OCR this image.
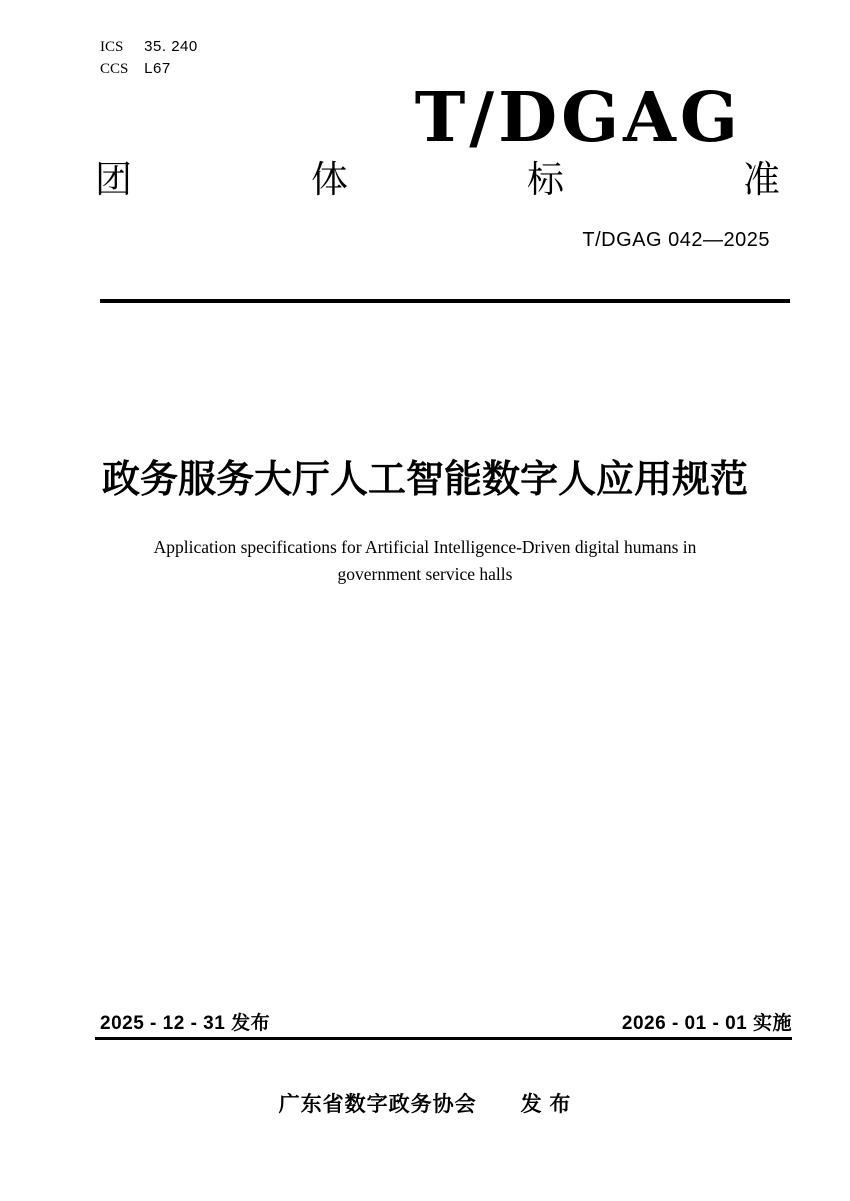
ICS 35. 240
CCS L67
T/DGAG
团	体	标	准
T/DGAG 042—2025
政务服务大厅人工智能数字人应用规范
Application specifications for Artificial Intelligence-Driven digital humans in
government service halls
2025 - 12 - 31 发布	2026 - 01 - 01 实施
广东省数字政务协会　　发 布
